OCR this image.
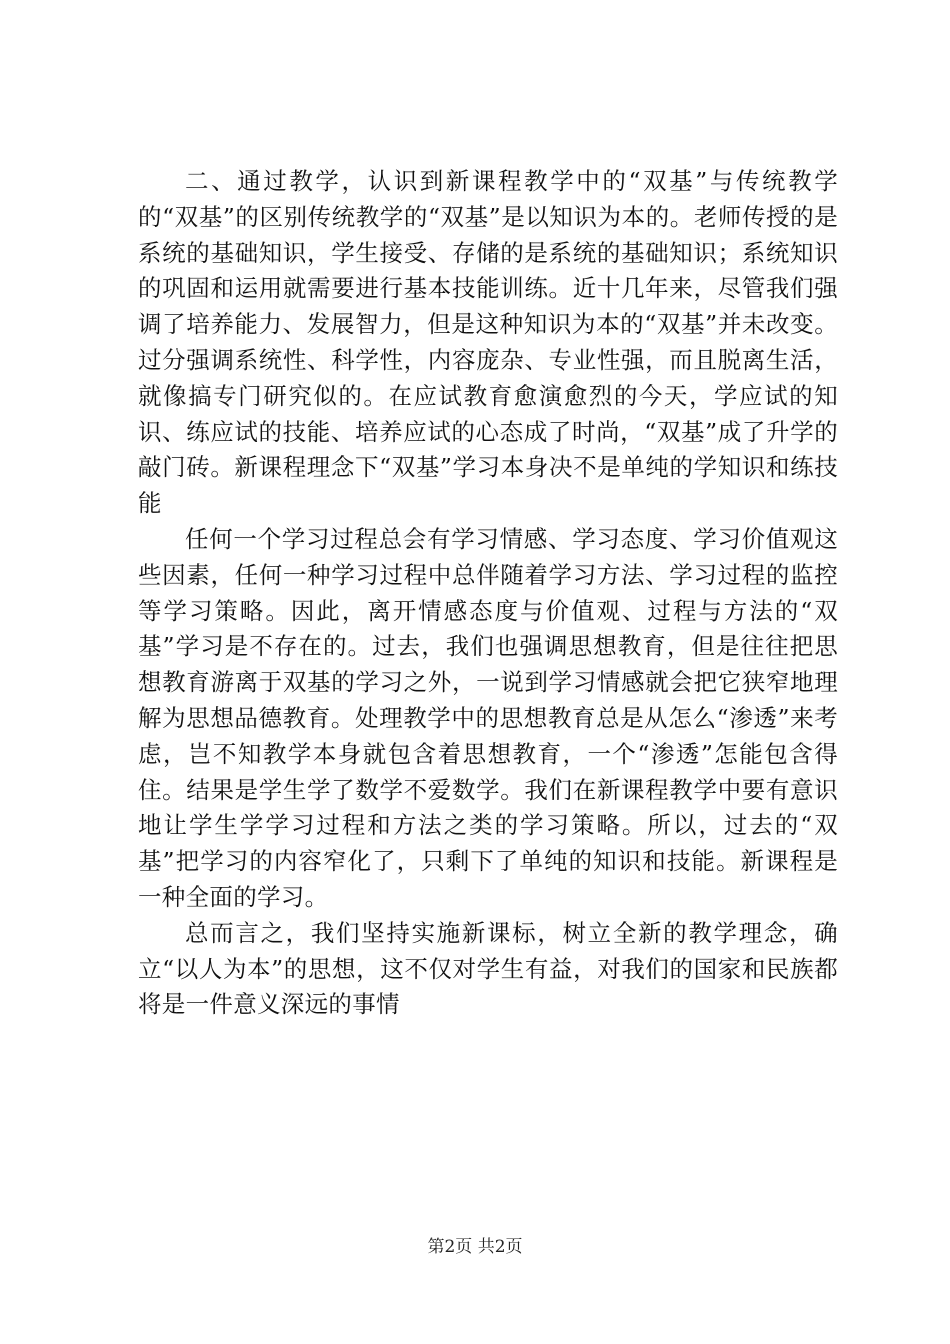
二、通过教学，认识到新课程教学中的“双基”与传统教学的“双基”的区别传统教学的“双基”是以知识为本的。老师传授的是系统的基础知识，学生接受、存储的是系统的基础知识；系统知识的巩固和运用就需要进行基本技能训练。近十几年来，尽管我们强调了培养能力、发展智力，但是这种知识为本的“双基”并未改变。过分强调系统性、科学性，内容庞杂、专业性强，而且脱离生活，就像搞专门研究似的。在应试教育愈演愈烈的今天，学应试的知识、练应试的技能、培养应试的心态成了时尚，“双基”成了升学的敲门砖。新课程理念下“双基”学习本身决不是单纯的学知识和练技能

任何一个学习过程总会有学习情感、学习态度、学习价值观这些因素，任何一种学习过程中总伴随着学习方法、学习过程的监控等学习策略。因此，离开情感态度与价值观、过程与方法的“双基”学习是不存在的。过去，我们也强调思想教育，但是往往把思想教育游离于双基的学习之外，一说到学习情感就会把它狭窄地理解为思想品德教育。处理教学中的思想教育总是从怎么“渗透”来考虑，岂不知教学本身就包含着思想教育，一个“渗透”怎能包含得住。结果是学生学了数学不爱数学。我们在新课程教学中要有意识地让学生学学习过程和方法之类的学习策略。所以，过去的“双基”把学习的内容窄化了，只剩下了单纯的知识和技能。新课程是一种全面的学习。

总而言之，我们坚持实施新课标，树立全新的教学理念，确立“以人为本”的思想，这不仅对学生有益，对我们的国家和民族都将是一件意义深远的事情

第2页 共2页
